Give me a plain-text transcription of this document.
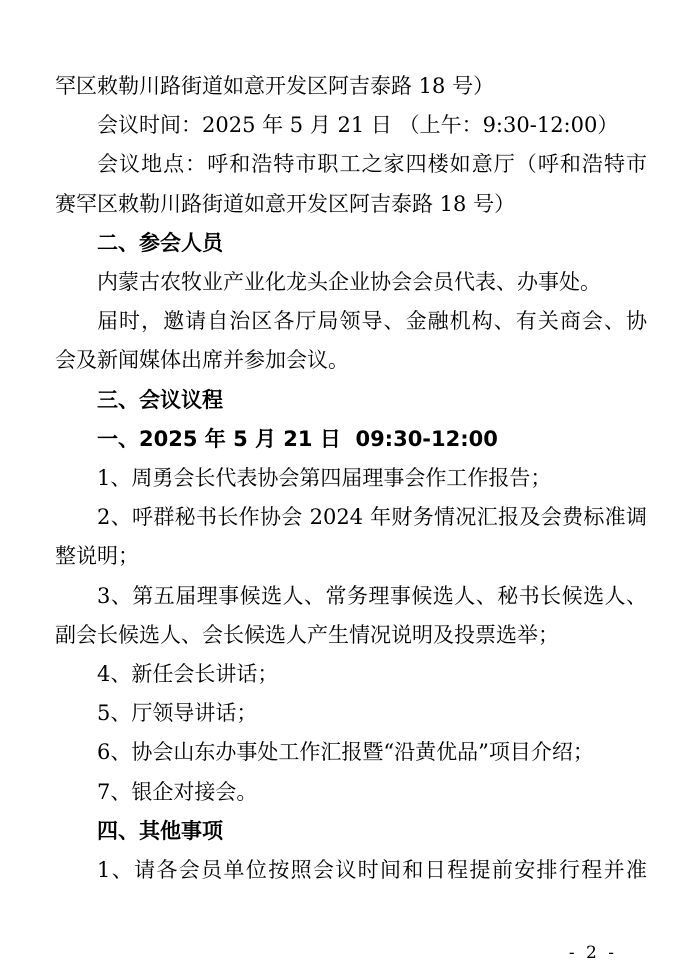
罕区敕勒川路街道如意开发区阿吉泰路 18 号）

会议时间：2025 年 5 月 21 日 （上午：9:30-12:00）

会议地点：呼和浩特市职工之家四楼如意厅（呼和浩特市

赛罕区敕勒川路街道如意开发区阿吉泰路 18 号）

二、参会人员

内蒙古农牧业产业化龙头企业协会会员代表、办事处。

届时，邀请自治区各厅局领导、金融机构、有关商会、协

会及新闻媒体出席并参加会议。

三、会议议程

一、2025 年 5 月 21 日  09:30-12:00

1、周勇会长代表协会第四届理事会作工作报告；

2、呼群秘书长作协会 2024 年财务情况汇报及会费标准调

整说明；

3、第五届理事候选人、常务理事候选人、秘书长候选人、

副会长候选人、会长候选人产生情况说明及投票选举；

4、新任会长讲话；

5、厅领导讲话；

6、协会山东办事处工作汇报暨“沿黄优品”项目介绍；

7、银企对接会。

四、其他事项

1、请各会员单位按照会议时间和日程提前安排行程并准

- 2 -
